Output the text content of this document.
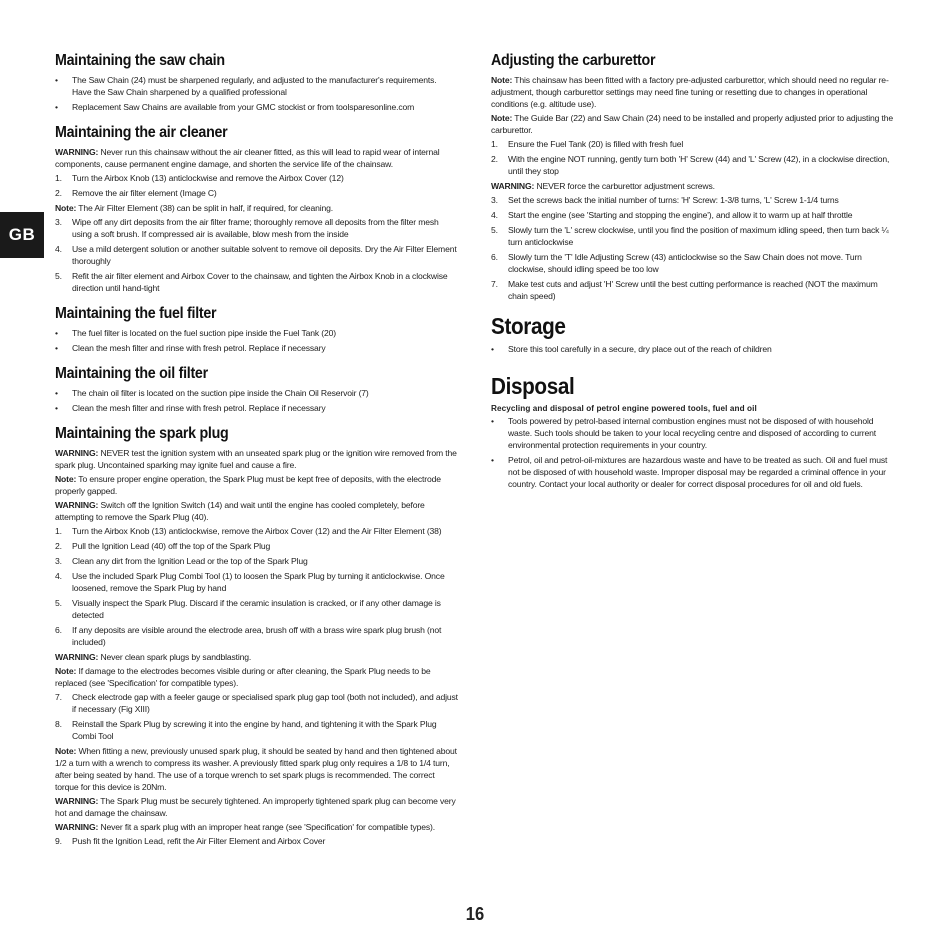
GB
Maintaining the saw chain
•	The Saw Chain (24) must be sharpened regularly, and adjusted to the manufacturer's requirements. Have the Saw Chain sharpened by a qualified professional
•	Replacement Saw Chains are available from your GMC stockist or from toolsparesonline.com
Maintaining the air cleaner
WARNING: Never run this chainsaw without the air cleaner fitted, as this will lead to rapid wear of internal components, cause permanent engine damage, and shorten the service life of the chainsaw.
1.	Turn the Airbox Knob (13) anticlockwise and remove the Airbox Cover (12)
2.	Remove the air filter element (Image C)
Note: The Air Filter Element (38) can be split in half, if required, for cleaning.
3.	Wipe off any dirt deposits from the air filter frame; thoroughly remove all deposits from the filter mesh using a soft brush. If compressed air is available, blow mesh from the inside
4.	Use a mild detergent solution or another suitable solvent to remove oil deposits. Dry the Air Filter Element thoroughly
5.	Refit the air filter element and Airbox Cover to the chainsaw, and tighten the Airbox Knob in a clockwise direction until hand-tight
Maintaining the fuel filter
•	The fuel filter is located on the fuel suction pipe inside the Fuel Tank (20)
•	Clean the mesh filter and rinse with fresh petrol. Replace if necessary
Maintaining the oil filter
•	The chain oil filter is located on the suction pipe inside the Chain Oil Reservoir (7)
•	Clean the mesh filter and rinse with fresh petrol. Replace if necessary
Maintaining the spark plug
WARNING: NEVER test the ignition system with an unseated spark plug or the ignition wire removed from the spark plug. Uncontained sparking may ignite fuel and cause a fire.
Note: To ensure proper engine operation, the Spark Plug must be kept free of deposits, with the electrode properly gapped.
WARNING: Switch off the Ignition Switch (14) and wait until the engine has cooled completely, before attempting to remove the Spark Plug (40).
1.	Turn the Airbox Knob (13) anticlockwise, remove the Airbox Cover (12) and the Air Filter Element (38)
2.	Pull the Ignition Lead (40) off the top of the Spark Plug
3.	Clean any dirt from the Ignition Lead or the top of the Spark Plug
4.	Use the included Spark Plug Combi Tool (1) to loosen the Spark Plug by turning it anticlockwise. Once loosened, remove the Spark Plug by hand
5.	Visually inspect the Spark Plug. Discard if the ceramic insulation is cracked, or if any other damage is detected
6.	If any deposits are visible around the electrode area, brush off with a brass wire spark plug brush (not included)
WARNING: Never clean spark plugs by sandblasting.
Note: If damage to the electrodes becomes visible during or after cleaning, the Spark Plug needs to be replaced (see 'Specification' for compatible types).
7.	Check electrode gap with a feeler gauge or specialised spark plug gap tool (both not included), and adjust if necessary (Fig XIII)
8.	Reinstall the Spark Plug by screwing it into the engine by hand, and tightening it with the Spark Plug Combi Tool
Note: When fitting a new, previously unused spark plug, it should be seated by hand and then tightened about 1/2 a turn with a wrench to compress its washer. A previously fitted spark plug only requires a 1/8 to 1/4 turn, after being seated by hand. The use of a torque wrench to set spark plugs is recommended. The correct torque for this device is 20Nm.
WARNING: The Spark Plug must be securely tightened. An improperly tightened spark plug can become very hot and damage the chainsaw.
WARNING: Never fit a spark plug with an improper heat range (see 'Specification' for compatible types).
9.	Push fit the Ignition Lead, refit the Air Filter Element and Airbox Cover
Adjusting the carburettor
Note: This chainsaw has been fitted with a factory pre-adjusted carburettor, which should need no regular re-adjustment, though carburettor settings may need fine tuning or resetting due to changes in operational conditions (e.g. altitude use).
Note: The Guide Bar (22) and Saw Chain (24) need to be installed and properly adjusted prior to adjusting the carburettor.
1.	Ensure the Fuel Tank (20) is filled with fresh fuel
2.	With the engine NOT running, gently turn both 'H' Screw (44) and 'L' Screw (42), in a clockwise direction, until they stop
WARNING: NEVER force the carburettor adjustment screws.
3.	Set the screws back the initial number of turns: 'H' Screw: 1-3/8 turns, 'L' Screw 1-1/4 turns
4.	Start the engine (see 'Starting and stopping the engine'), and allow it to warm up at half throttle
5.	Slowly turn the 'L' screw clockwise, until you find the position of maximum idling speed, then turn back ¼ turn anticlockwise
6.	Slowly turn the 'T' Idle Adjusting Screw (43) anticlockwise so the Saw Chain does not move. Turn clockwise, should idling speed be too low
7.	Make test cuts and adjust 'H' Screw until the best cutting performance is reached (NOT the maximum chain speed)
Storage
•	Store this tool carefully in a secure, dry place out of the reach of children
Disposal
Recycling and disposal of petrol engine powered tools, fuel and oil
•	Tools powered by petrol-based internal combustion engines must not be disposed of with household waste. Such tools should be taken to your local recycling centre and disposed of according to current environmental protection requirements in your country.
•	Petrol, oil and petrol-oil-mixtures are hazardous waste and have to be treated as such. Oil and fuel must not be disposed of with household waste. Improper disposal may be regarded a criminal offence in your country. Contact your local authority or dealer for correct disposal procedures for oil and old fuels.
16
